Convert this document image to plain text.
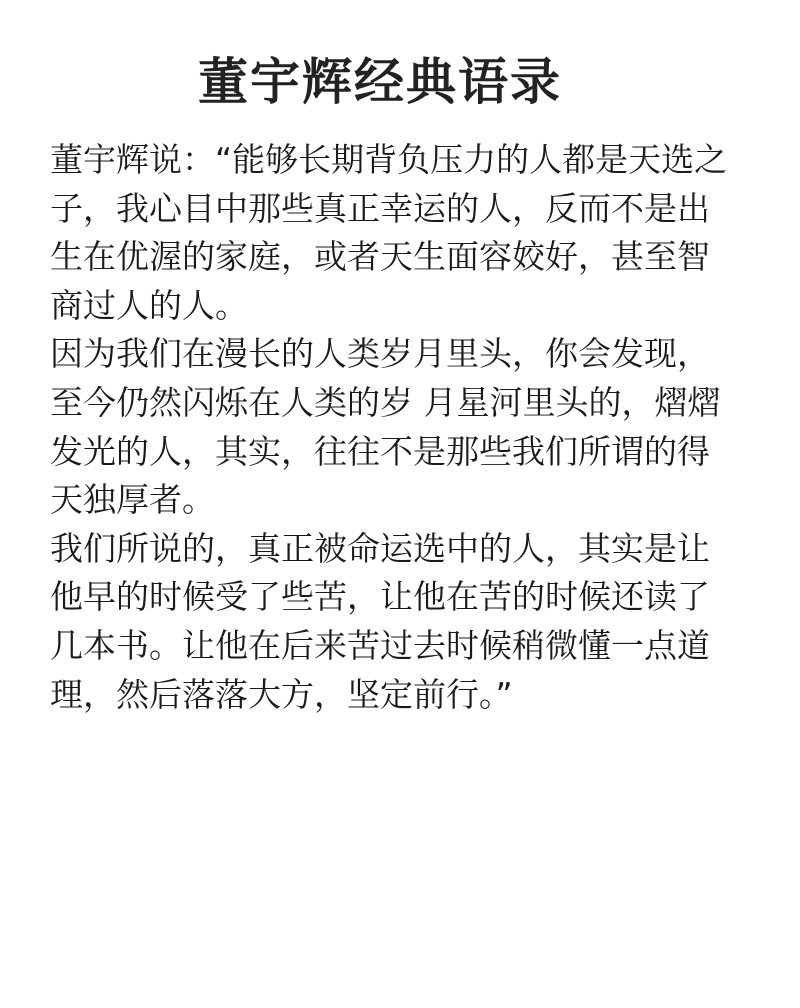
董宇辉经典语录

董宇辉说：“能够长期背负压力的人都是天选之
子，我心目中那些真正幸运的人，反而不是出
生在优渥的家庭，或者天生面容姣好，甚至智
商过人的人。

因为我们在漫长的人类岁月里头，你会发现，
至今仍然闪烁在人类的岁 月星河里头的，熠熠
发光的人，其实，往往不是那些我们所谓的得
天独厚者。

我们所说的，真正被命运选中的人，其实是让
他早的时候受了些苦，让他在苦的时候还读了
几本书。让他在后来苦过去时候稍微懂一点道
理，然后落落大方，坚定前行。”
